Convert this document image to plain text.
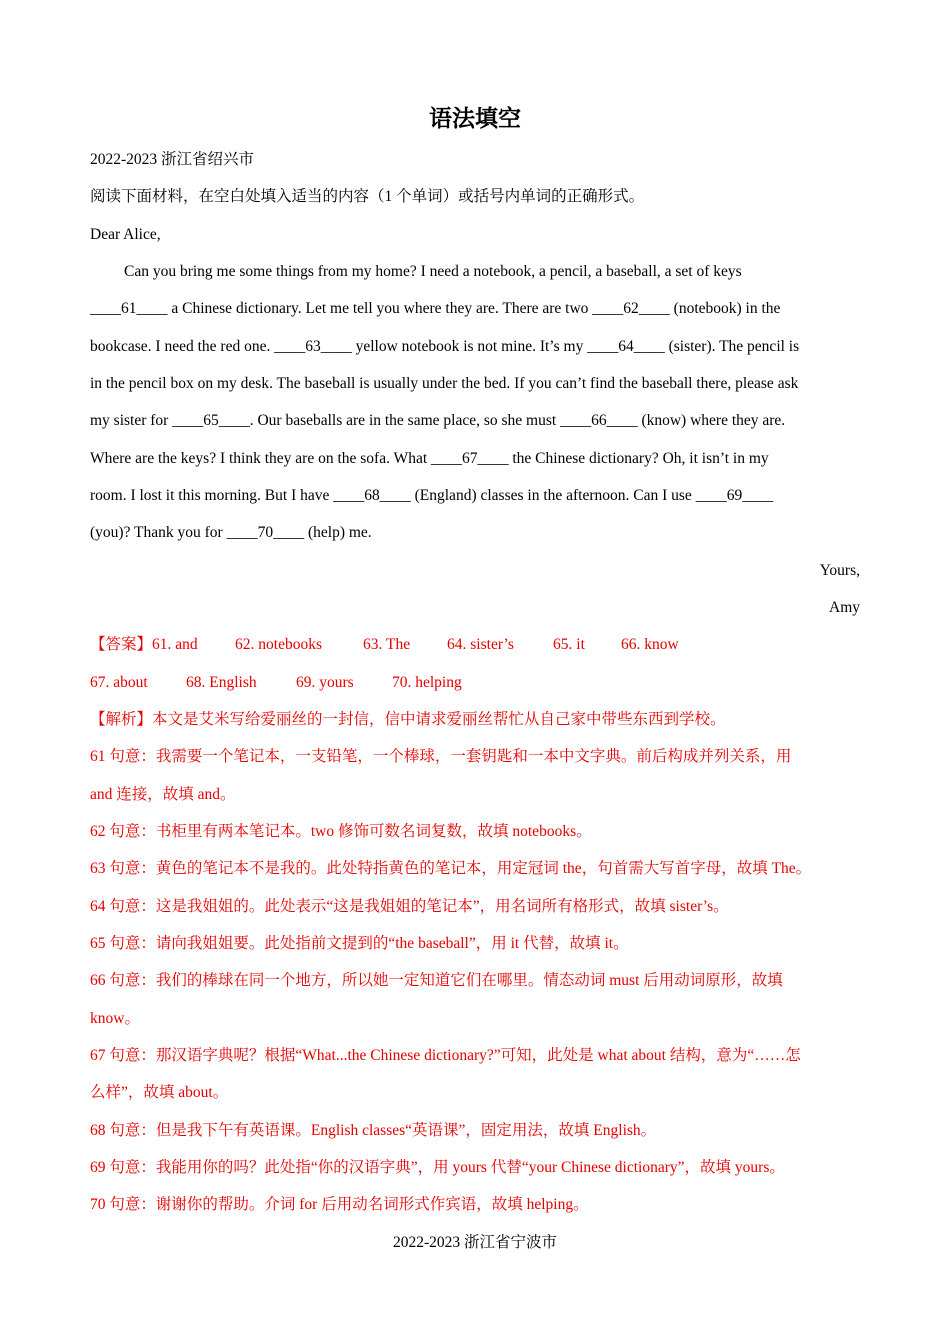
语法填空
2022-2023 浙江省绍兴市
阅读下面材料，在空白处填入适当的内容（1 个单词）或括号内单词的正确形式。
Dear Alice,
Can you bring me some things from my home? I need a notebook, a pencil, a baseball, a set of keys
____61____ a Chinese dictionary. Let me tell you where they are. There are two ____62____ (notebook) in the
bookcase. I need the red one. ____63____ yellow notebook is not mine. It’s my ____64____ (sister). The pencil is
in the pencil box on my desk. The baseball is usually under the bed. If you can’t find the baseball there, please ask
my sister for ____65____. Our baseballs are in the same place, so she must ____66____ (know) where they are.
Where are the keys? I think they are on the sofa. What ____67____ the Chinese dictionary? Oh, it isn’t in my
room. I lost it this morning. But I have ____68____ (England) classes in the afternoon. Can I use ____69____
(you)? Thank you for ____70____ (help) me.
Yours,
Amy
【答案】61. and 62. notebooks	63. The 64. sister’s	65. it 66. know
67. about 68. English	69. yours 70. helping
【解析】本文是艾米写给爱丽丝的一封信，信中请求爱丽丝帮忙从自己家中带些东西到学校。
61 句意：我需要一个笔记本，一支铅笔，一个棒球，一套钥匙和一本中文字典。前后构成并列关系，用
and 连接，故填 and。
62 句意：书柜里有两本笔记本。two 修饰可数名词复数，故填 notebooks。
63 句意：黄色的笔记本不是我的。此处特指黄色的笔记本，用定冠词 the，句首需大写首字母，故填 The。
64 句意：这是我姐姐的。此处表示“这是我姐姐的笔记本”，用名词所有格形式，故填 sister’s。
65 句意：请向我姐姐要。此处指前文提到的“the baseball”，用 it 代替，故填 it。
66 句意：我们的棒球在同一个地方，所以她一定知道它们在哪里。情态动词 must 后用动词原形，故填
know。
67 句意：那汉语字典呢？根据“What...the Chinese dictionary?”可知，此处是 what about 结构，意为“……怎
么样”，故填 about。
68 句意：但是我下午有英语课。English classes“英语课”，固定用法，故填 English。
69 句意：我能用你的吗？此处指“你的汉语字典”，用 yours 代替“your Chinese dictionary”，故填 yours。
70 句意：谢谢你的帮助。介词 for 后用动名词形式作宾语，故填 helping。
2022-2023 浙江省宁波市
